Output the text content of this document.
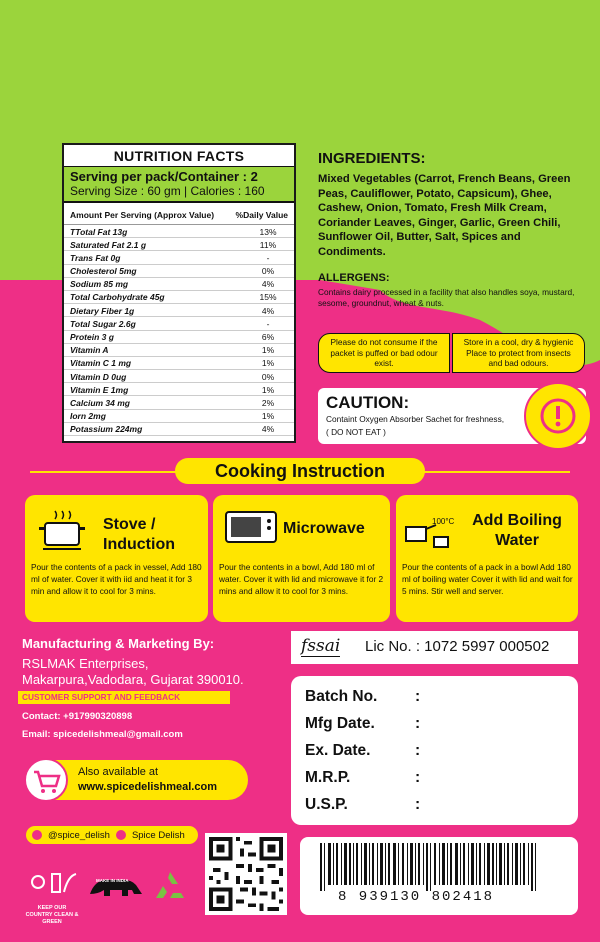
NUTRITION FACTS
Serving per pack/Container : 2
Serving Size : 60 gm | Calories : 160
Amount Per Serving (Approx Value)	%Daily Value
TTotal Fat 13g	13%
Saturated Fat 2.1 g	11%
Trans Fat 0g	-
Cholesterol 5mg	0%
Sodium 85 mg	4%
Total Carbohydrate 45g	15%
Dietary Fiber 1g	4%
Total Sugar 2.6g	-
Protein 3 g	6%
Vitamin A	1%
Vitamin C 1 mg	1%
Vitamin D 0ug	0%
Vitamin E 1mg	1%
Calcium 34 mg	2%
Iorn 2mg	1%
Potassium 224mg	4%
INGREDIENTS:
Mixed Vegetables (Carrot, French Beans, Green Peas, Cauliflower, Potato, Capsicum), Ghee, Cashew, Onion, Tomato, Fresh Milk Cream, Coriander Leaves, Ginger, Garlic, Green Chili, Sunflower Oil, Butter, Salt, Spices and Condiments.
ALLERGENS:
Contains dairy processed in a facility that also handles soya, mustard, sesome, groundnut, wheat & nuts.
Please do not consume if the packet is puffed or bad odour exist.
Store in a cool, dry & hygienic Place to protect from insects and bad odours.
CAUTION:
Containt Oxygen Absorber Sachet for freshness,
( DO NOT EAT )
Cooking Instruction
Stove / Induction
Pour the contents of a pack in vessel, Add 180 ml of water. Cover it with iid and heat it for 3 min and allow it to cool for 3 mins.
Microwave
Pour the contents in a bowl, Add 180 ml of water. Cover it with lid and microwave it for 2 mins and allow it to cool for 3 mins.
100°C	Add Boiling Water
Pour the contents of a pack in a bowl Add 180 ml of boiling water Cover it with lid and wait for 5 mins. Stir well and server.
Manufacturing & Marketing By:
RSLMAK Enterprises,
Makarpura,Vadodara, Gujarat 390010.
CUSTOMER SUPPORT AND FEEDBACK
Contact: +917990320898
Email: spicedelishmeal@gmail.com
Also available at
www.spicedelishmeal.com
@spice_delish Spice Delish
fssai Lic No. : 1072 5997 000502
Batch No. :
Mfg Date.	:
Ex. Date.	:
M.R.P.	:
U.S.P.	:
8 939130 802418
KEEP OUR COUNTRY CLEAN & GREEN
MAKE IN INDIA
